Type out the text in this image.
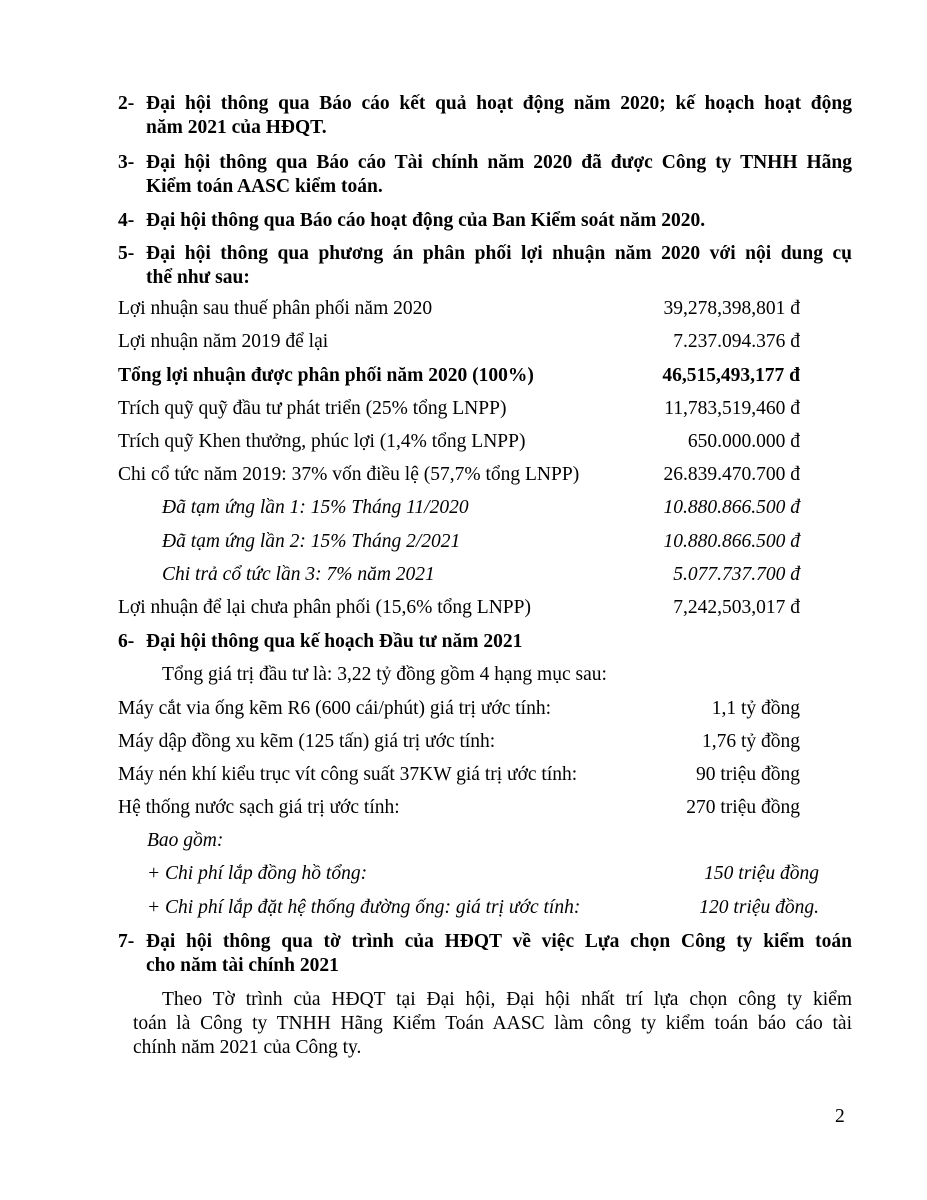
2- Đại hội thông qua Báo cáo kết quả hoạt động năm 2020; kế hoạch hoạt động
năm 2021 của HĐQT.
3- Đại hội thông qua Báo cáo Tài chính năm 2020 đã được Công ty TNHH Hãng
Kiểm toán AASC kiểm toán.
4- Đại hội thông qua Báo cáo hoạt động của Ban Kiểm soát năm 2020.
5- Đại hội thông qua phương án phân phối lợi nhuận năm 2020 với nội dung cụ
thể như sau:
Lợi nhuận sau thuế phân phối năm 2020	39,278,398,801 đ
Lợi nhuận năm 2019 để lại	7.237.094.376 đ
Tổng lợi nhuận được phân phối năm 2020 (100%)	46,515,493,177 đ
Trích quỹ quỹ đầu tư phát triển (25% tổng LNPP)	11,783,519,460 đ
Trích quỹ Khen thưởng, phúc lợi (1,4% tổng LNPP)	650.000.000 đ
Chi cổ tức năm 2019: 37% vốn điều lệ (57,7% tổng LNPP)	26.839.470.700 đ
Đã tạm ứng lần 1: 15% Tháng 11/2020	10.880.866.500 đ
Đã tạm ứng lần 2: 15% Tháng 2/2021	10.880.866.500 đ
Chi trả cổ tức lần 3: 7% năm 2021	5.077.737.700 đ
Lợi nhuận để lại chưa phân phối (15,6% tổng LNPP)	7,242,503,017 đ
6- Đại hội thông qua kế hoạch Đầu tư năm 2021
Tổng giá trị đầu tư là: 3,22 tỷ đồng gồm 4 hạng mục sau:
Máy cắt via ống kẽm R6 (600 cái/phút) giá trị ước tính:	1,1 tỷ đồng
Máy dập đồng xu kẽm (125 tấn) giá trị ước tính:	1,76 tỷ đồng
Máy nén khí kiểu trục vít công suất 37KW giá trị ước tính:	90 triệu đồng
Hệ thống nước sạch giá trị ước tính:	270 triệu đồng
Bao gồm:
+ Chi phí lắp đồng hồ tổng:	150 triệu đồng
+ Chi phí lắp đặt hệ thống đường ống: giá trị ước tính:	120 triệu đồng.
7- Đại hội thông qua tờ trình của HĐQT về việc Lựa chọn Công ty kiểm toán
cho năm tài chính 2021
Theo Tờ trình của HĐQT tại Đại hội, Đại hội nhất trí lựa chọn công ty kiểm
toán là Công ty TNHH Hãng Kiểm Toán AASC làm công ty kiểm toán báo cáo tài
chính năm 2021 của Công ty.
2
